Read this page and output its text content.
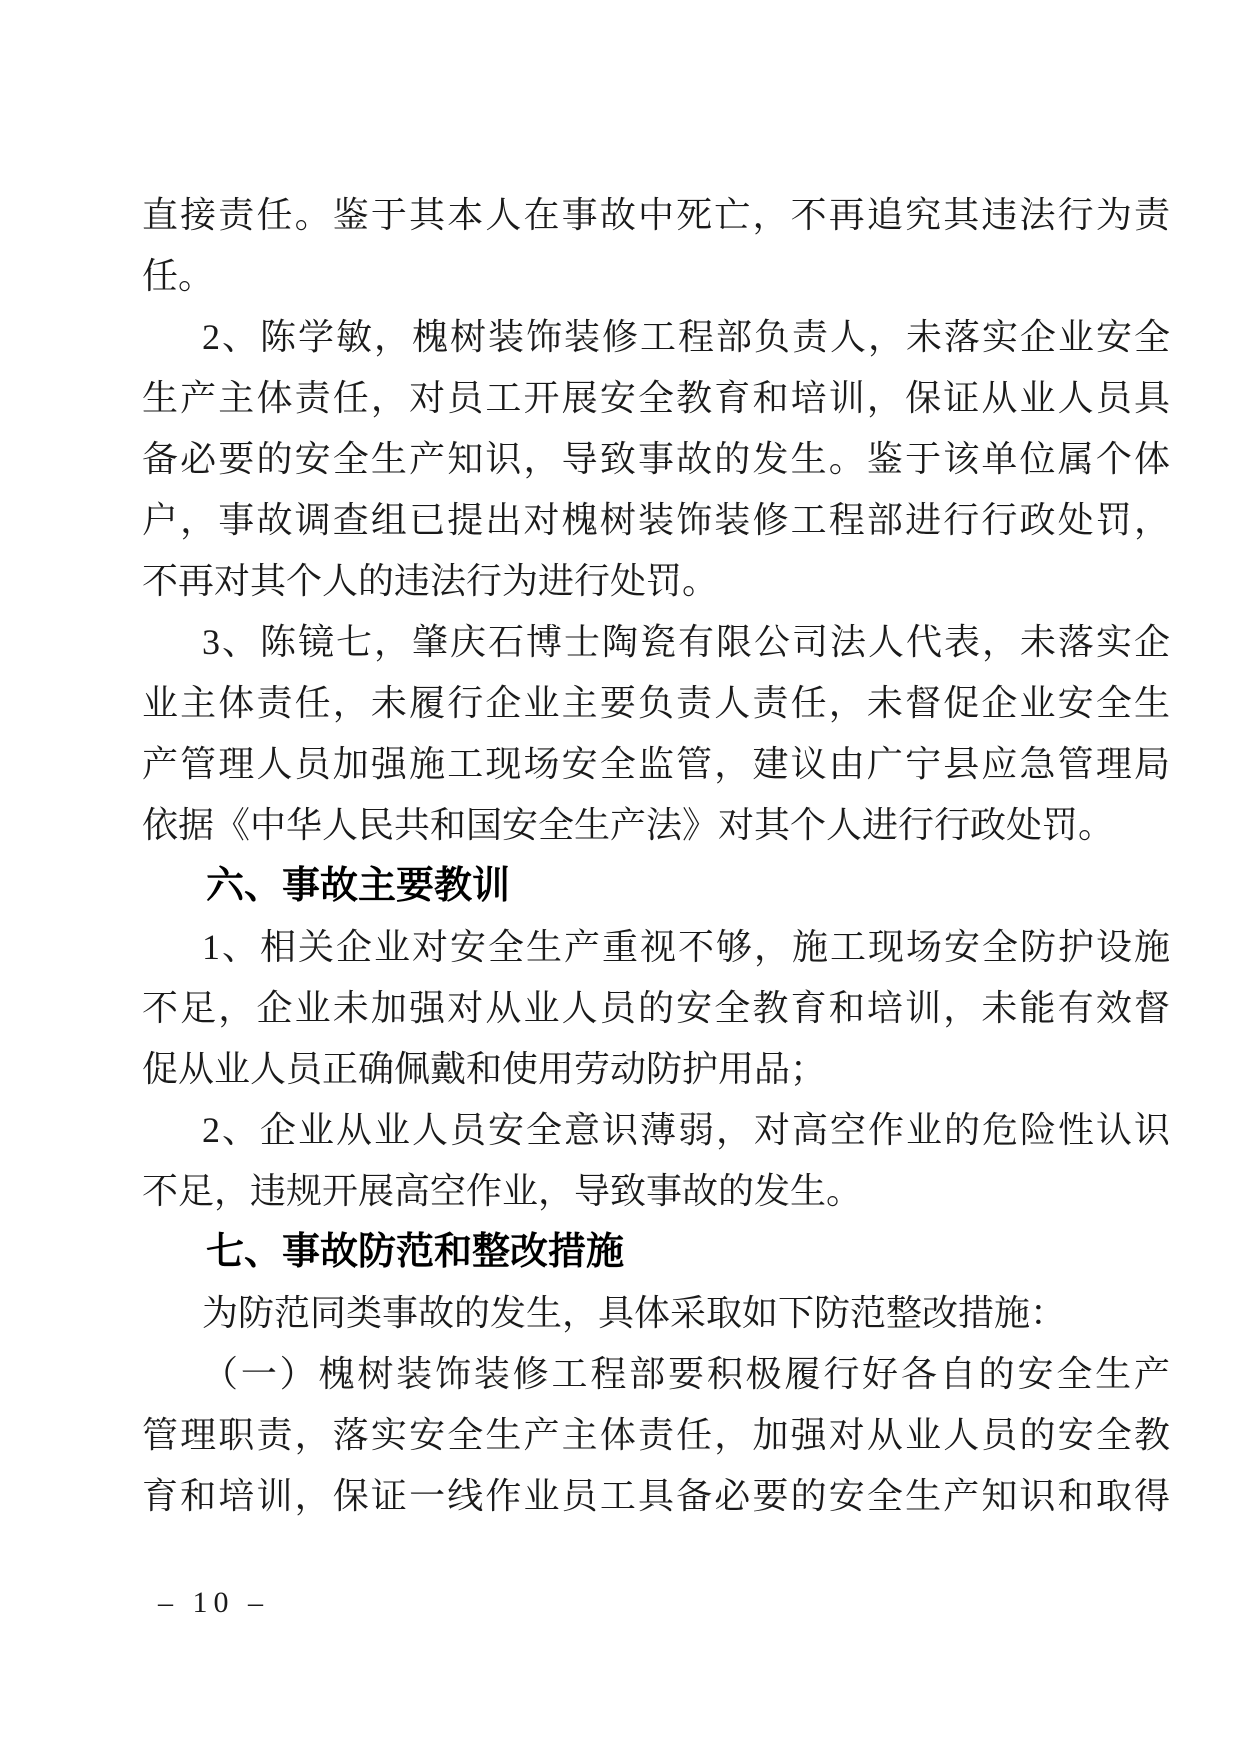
直接责任。鉴于其本人在事故中死亡，不再追究其违法行为责
任。
2、陈学敏，槐树装饰装修工程部负责人，未落实企业安全
生产主体责任，对员工开展安全教育和培训，保证从业人员具
备必要的安全生产知识，导致事故的发生。鉴于该单位属个体
户，事故调查组已提出对槐树装饰装修工程部进行行政处罚，
不再对其个人的违法行为进行处罚。
3、陈镜七，肇庆石博士陶瓷有限公司法人代表，未落实企
业主体责任，未履行企业主要负责人责任，未督促企业安全生
产管理人员加强施工现场安全监管，建议由广宁县应急管理局
依据《中华人民共和国安全生产法》对其个人进行行政处罚。
六、事故主要教训
1、相关企业对安全生产重视不够，施工现场安全防护设施
不足，企业未加强对从业人员的安全教育和培训，未能有效督
促从业人员正确佩戴和使用劳动防护用品；
2、企业从业人员安全意识薄弱，对高空作业的危险性认识
不足，违规开展高空作业，导致事故的发生。
七、事故防范和整改措施
为防范同类事故的发生，具体采取如下防范整改措施：
（一）槐树装饰装修工程部要积极履行好各自的安全生产
管理职责，落实安全生产主体责任，加强对从业人员的安全教
育和培训，保证一线作业员工具备必要的安全生产知识和取得
– 10 –
